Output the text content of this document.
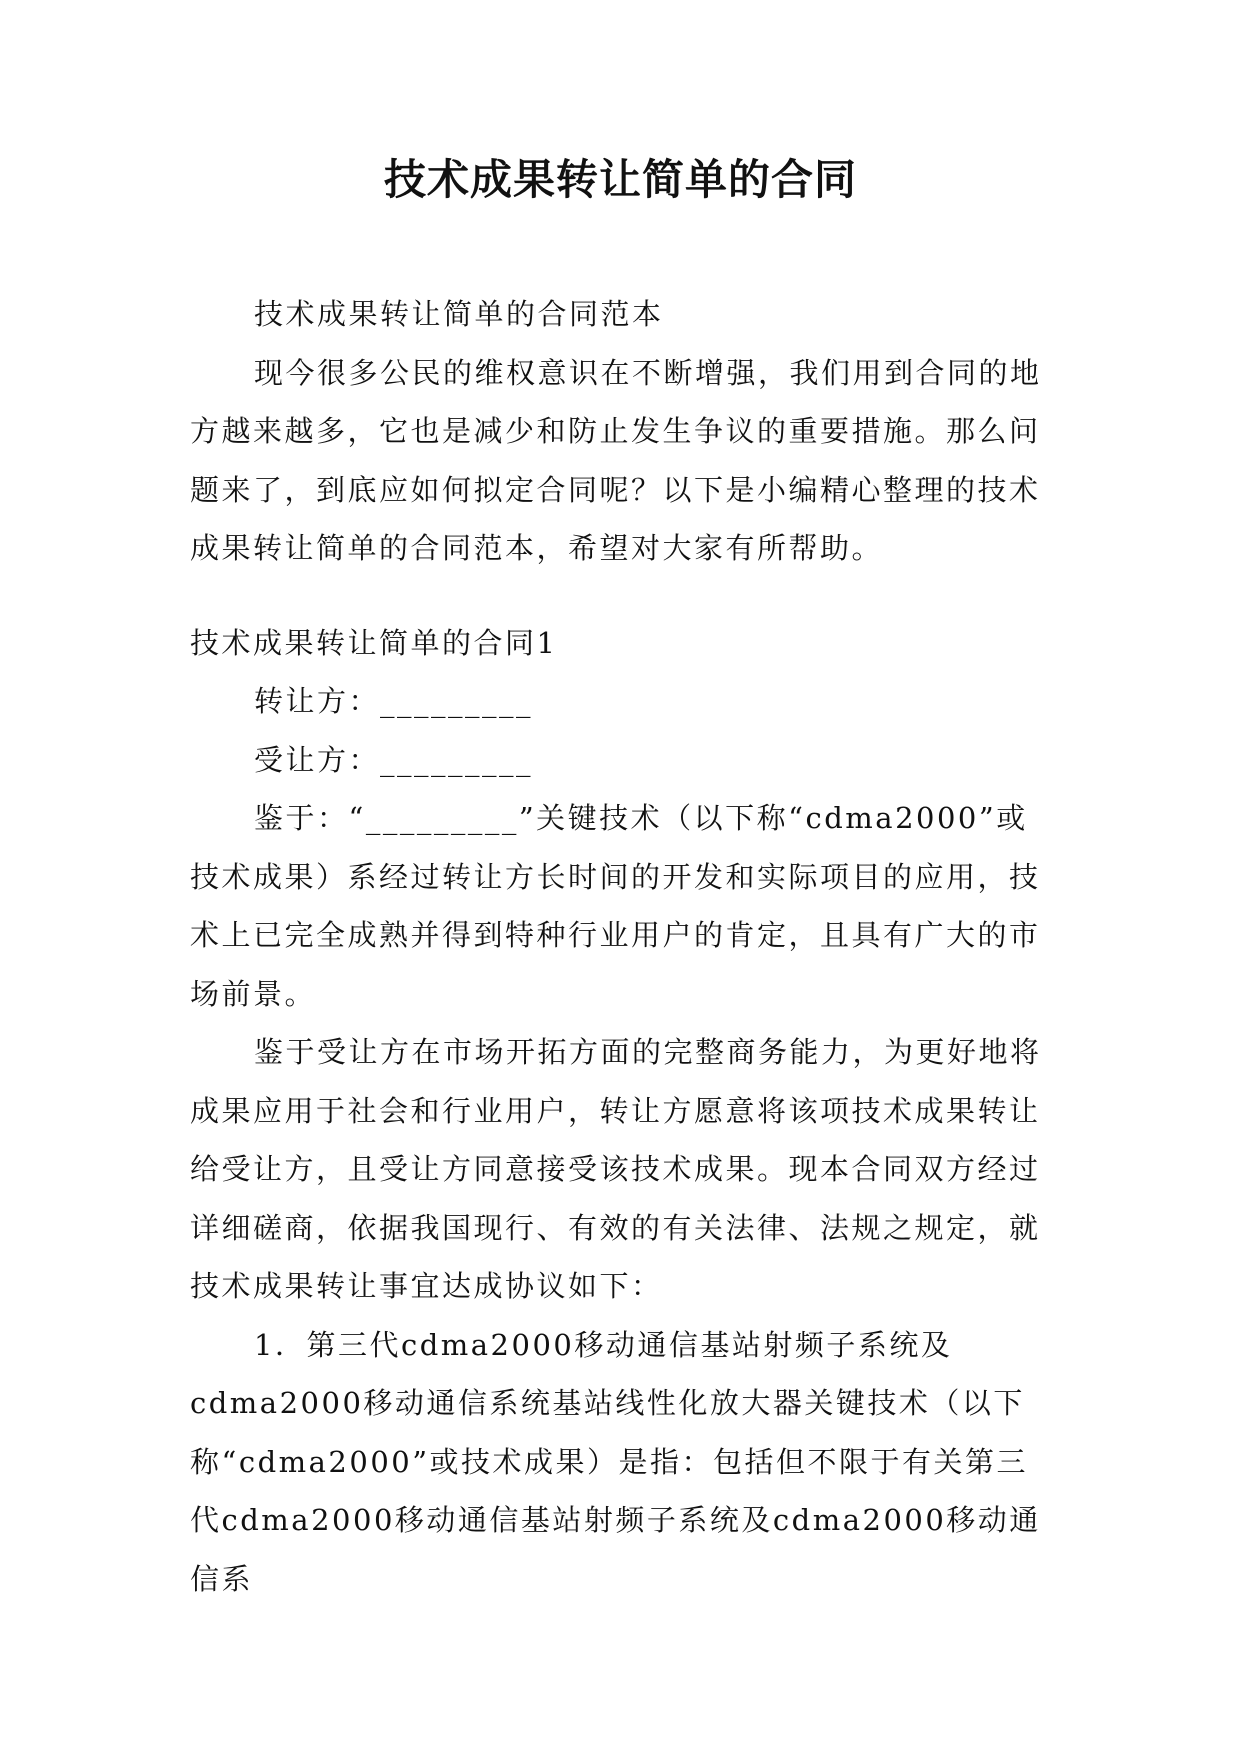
技术成果转让简单的合同

技术成果转让简单的合同范本

现今很多公民的维权意识在不断增强，我们用到合同的地方越来越多，它也是减少和防止发生争议的重要措施。那么问题来了，到底应如何拟定合同呢？以下是小编精心整理的技术成果转让简单的合同范本，希望对大家有所帮助。

技术成果转让简单的合同1

转让方：_________

受让方：_________

鉴于：“_________”关键技术（以下称“cdma2000”或技术成果）系经过转让方长时间的开发和实际项目的应用，技术上已完全成熟并得到特种行业用户的肯定，且具有广大的市场前景。

鉴于受让方在市场开拓方面的完整商务能力，为更好地将成果应用于社会和行业用户，转让方愿意将该项技术成果转让给受让方，且受让方同意接受该技术成果。现本合同双方经过详细磋商，依据我国现行、有效的有关法律、法规之规定，就技术成果转让事宜达成协议如下：

1．第三代cdma2000移动通信基站射频子系统及cdma2000移动通信系统基站线性化放大器关键技术（以下称“cdma2000”或技术成果）是指：包括但不限于有关第三代cdma2000移动通信基站射频子系统及cdma2000移动通信系
